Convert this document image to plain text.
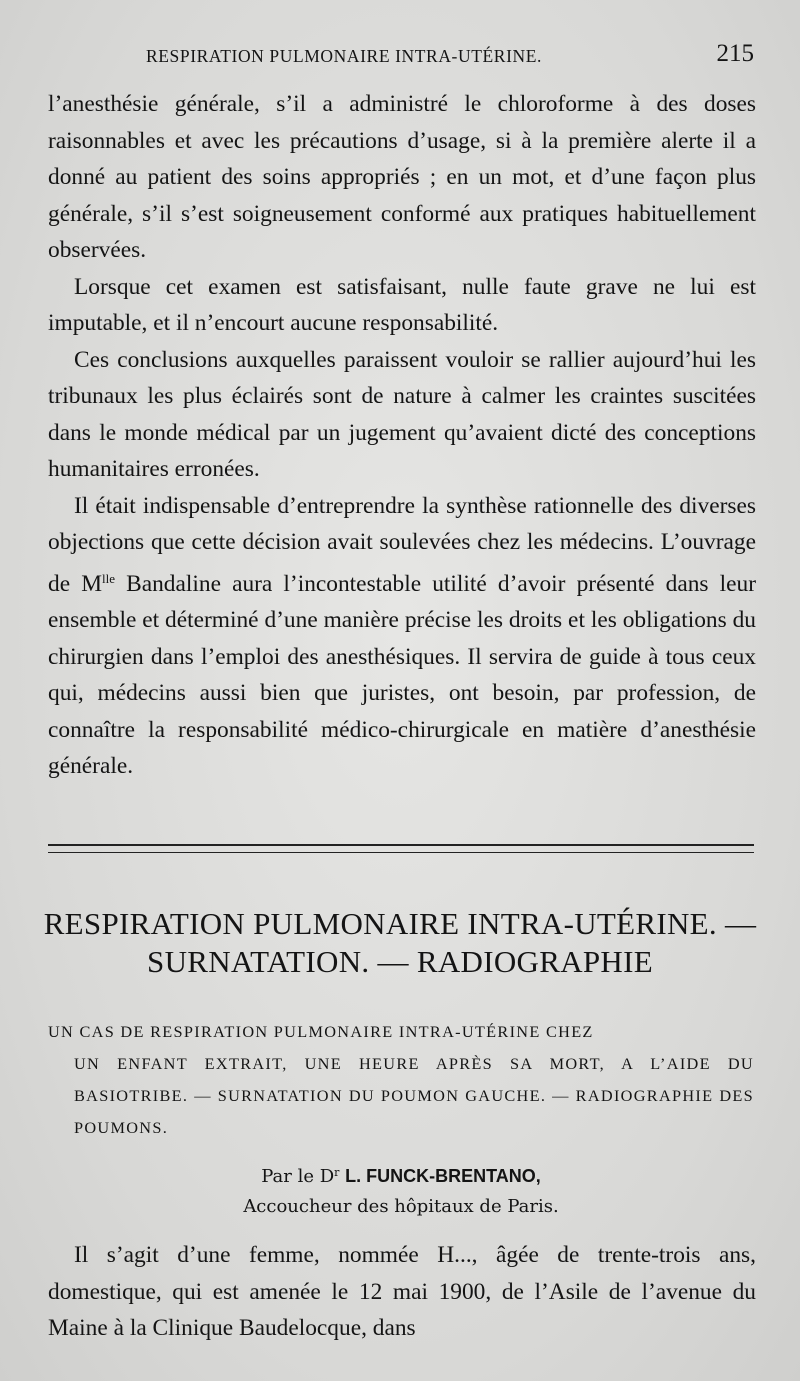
RESPIRATION PULMONAIRE INTRA-UTÉRINE.	215

l’anesthésie générale, s’il a administré le chloroforme à des doses raisonnables et avec les précautions d’usage, si à la première alerte il a donné au patient des soins appropriés ; en un mot, et d’une façon plus générale, s’il s’est soigneusement conformé aux pratiques habituellement observées.

Lorsque cet examen est satisfaisant, nulle faute grave ne lui est imputable, et il n’encourt aucune responsabilité.

Ces conclusions auxquelles paraissent vouloir se rallier aujourd’hui les tribunaux les plus éclairés sont de nature à calmer les craintes suscitées dans le monde médical par un jugement qu’avaient dicté des conceptions humanitaires erronées.

Il était indispensable d’entreprendre la synthèse rationnelle des diverses objections que cette décision avait soulevées chez les médecins. L’ouvrage de $M^{lle}$ Bandaline aura l’incontestable utilité d’avoir présenté dans leur ensemble et déterminé d’une manière précise les droits et les obligations du chirurgien dans l’emploi des anesthésiques. Il servira de guide à tous ceux qui, médecins aussi bien que juristes, ont besoin, par profession, de connaître la responsabilité médico-chirurgicale en matière d’anesthésie générale.

RESPIRATION PULMONAIRE INTRA-UTÉRINE. —
SURNATATION. — RADIOGRAPHIE
UN CAS DE RESPIRATION PULMONAIRE INTRA-UTÉRINE CHEZ
UN ENFANT EXTRAIT, UNE HEURE APRÈS SA MORT, A L’AIDE DU BASIOTRIBE. — SURNATATION DU POUMON GAUCHE. — RADIOGRAPHIE DES POUMONS.
Par le $D^r$ L. FUNCK-BRENTANO,
Accoucheur des hôpitaux de Paris.

Il s’agit d’une femme, nommée H..., âgée de trente-trois ans, domestique, qui est amenée le 12 mai 1900, de l’Asile de l’avenue du Maine à la Clinique Baudelocque, dans
